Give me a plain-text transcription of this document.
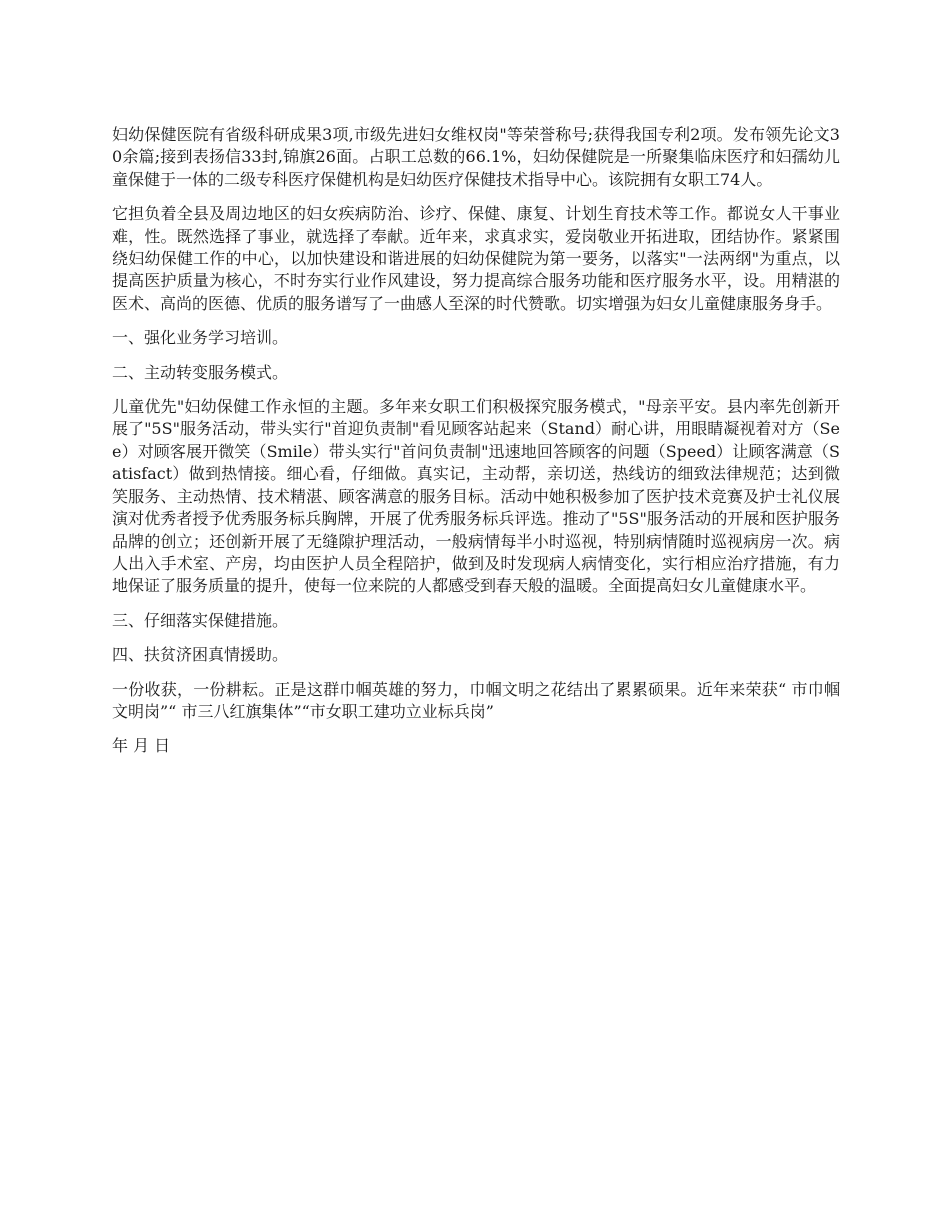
妇幼保健医院有省级科研成果3项,市级先进妇女维权岗"等荣誉称号;获得我国专利2项。发布领先论文30余篇;接到表扬信33封,锦旗26面。占职工总数的66.1%，妇幼保健院是一所聚集临床医疗和妇孺幼儿童保健于一体的二级专科医疗保健机构是妇幼医疗保健技术指导中心。该院拥有女职工74人。

它担负着全县及周边地区的妇女疾病防治、诊疗、保健、康复、计划生育技术等工作。都说女人干事业难，性。既然选择了事业，就选择了奉献。近年来，求真求实，爱岗敬业开拓进取，团结协作。紧紧围绕妇幼保健工作的中心，以加快建设和谐进展的妇幼保健院为第一要务，以落实"一法两纲"为重点，以提高医护质量为核心，不时夯实行业作风建设，努力提高综合服务功能和医疗服务水平，设。用精湛的医术、高尚的医德、优质的服务谱写了一曲感人至深的时代赞歌。切实增强为妇女儿童健康服务身手。

一、强化业务学习培训。

二、主动转变服务模式。

儿童优先"妇幼保健工作永恒的主题。多年来女职工们积极探究服务模式，"母亲平安。县内率先创新开展了"5S"服务活动，带头实行"首迎负责制"看见顾客站起来（Stand）耐心讲，用眼睛凝视着对方（See）对顾客展开微笑（Smile）带头实行"首问负责制"迅速地回答顾客的问题（Speed）让顾客满意（Satisfact）做到热情接。细心看，仔细做。真实记，主动帮，亲切送，热线访的细致法律规范；达到微笑服务、主动热情、技术精湛、顾客满意的服务目标。活动中她积极参加了医护技术竞赛及护士礼仪展演对优秀者授予优秀服务标兵胸牌，开展了优秀服务标兵评选。推动了"5S"服务活动的开展和医护服务品牌的创立；还创新开展了无缝隙护理活动，一般病情每半小时巡视，特别病情随时巡视病房一次。病人出入手术室、产房，均由医护人员全程陪护，做到及时发现病人病情变化，实行相应治疗措施，有力地保证了服务质量的提升，使每一位来院的人都感受到春天般的温暖。全面提高妇女儿童健康水平。

三、仔细落实保健措施。

四、扶贫济困真情援助。

一份收获，一份耕耘。正是这群巾帼英雄的努力，巾帼文明之花结出了累累硕果。近年来荣获“ 市巾帼文明岗”“ 市三八红旗集体”“市女职工建功立业标兵岗”

年 月 日
